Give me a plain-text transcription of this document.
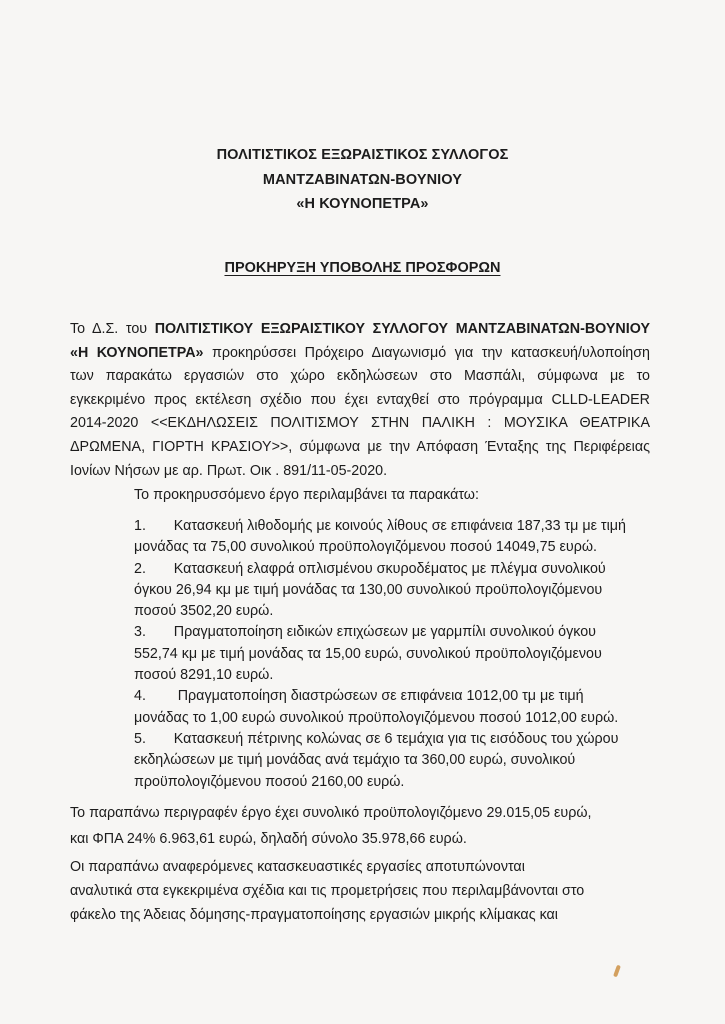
ΠΟΛΙΤΙΣΤΙΚΟΣ ΕΞΩΡΑΙΣΤΙΚΟΣ ΣΥΛΛΟΓΟΣ
ΜΑΝΤΖΑΒΙΝΑΤΩΝ-ΒΟΥΝΙΟΥ
«Η ΚΟΥΝΟΠΕΤΡΑ»
ΠΡΟΚΗΡΥΞΗ ΥΠΟΒΟΛΗΣ ΠΡΟΣΦΟΡΩΝ
Το Δ.Σ. του ΠΟΛΙΤΙΣΤΙΚΟΥ ΕΞΩΡΑΙΣΤΙΚΟΥ ΣΥΛΛΟΓΟΥ ΜΑΝΤΖΑΒΙΝΑΤΩΝ-ΒΟΥΝΙΟΥ
«Η ΚΟΥΝΟΠΕΤΡΑ» προκηρύσσει Πρόχειρο Διαγωνισμό για την κατασκευή/υλοποίηση
των παρακάτω εργασιών στο χώρο εκδηλώσεων στο Μασπάλι, σύμφωνα με το
εγκεκριμένο προς εκτέλεση σχέδιο που έχει ενταχθεί στο πρόγραμμα CLLD-LEADER
2014-2020 <<ΕΚΔΗΛΩΣΕΙΣ ΠΟΛΙΤΙΣΜΟΥ ΣΤΗΝ ΠΑΛΙΚΗ : ΜΟΥΣΙΚΑ ΘΕΑΤΡΙΚΑ
ΔΡΩΜΕΝΑ, ΓΙΟΡΤΗ ΚΡΑΣΙΟΥ>>, σύμφωνα με την Απόφαση Ένταξης της Περιφέρειας
Ιονίων Νήσων με αρ. Πρωτ. Οικ . 891/11-05-2020.
Το προκηρυσσόμενο έργο περιλαμβάνει τα παρακάτω:
1. Κατασκευή λιθοδομής με κοινούς λίθους σε επιφάνεια 187,33 τμ με τιμή
μονάδας τα 75,00 συνολικού προϋπολογιζόμενου ποσού 14049,75 ευρώ.
2. Κατασκευή ελαφρά οπλισμένου σκυροδέματος με πλέγμα συνολικού
όγκου 26,94 κμ με τιμή μονάδας τα 130,00 συνολικού προϋπολογιζόμενου
ποσού 3502,20 ευρώ.
3. Πραγματοποίηση ειδικών επιχώσεων με γαρμπίλι συνολικού όγκου
552,74 κμ με τιμή μονάδας τα 15,00 ευρώ, συνολικού προϋπολογιζόμενου
ποσού 8291,10 ευρώ.
4. Πραγματοποίηση διαστρώσεων σε επιφάνεια 1012,00 τμ με τιμή
μονάδας το 1,00 ευρώ συνολικού προϋπολογιζόμενου ποσού 1012,00 ευρώ.
5. Κατασκευή πέτρινης κολώνας σε 6 τεμάχια για τις εισόδους του χώρου
εκδηλώσεων με τιμή μονάδας ανά τεμάχιο τα 360,00 ευρώ, συνολικού
προϋπολογιζόμενου ποσού 2160,00 ευρώ.
Το παραπάνω περιγραφέν έργο έχει συνολικό προϋπολογιζόμενο 29.015,05 ευρώ,
και ΦΠΑ 24% 6.963,61 ευρώ, δηλαδή σύνολο 35.978,66 ευρώ.
Οι παραπάνω αναφερόμενες κατασκευαστικές εργασίες αποτυπώνονται
αναλυτικά στα εγκεκριμένα σχέδια και τις προμετρήσεις που περιλαμβάνονται στο
φάκελο της Άδειας δόμησης-πραγματοποίησης εργασιών μικρής κλίμακας και
